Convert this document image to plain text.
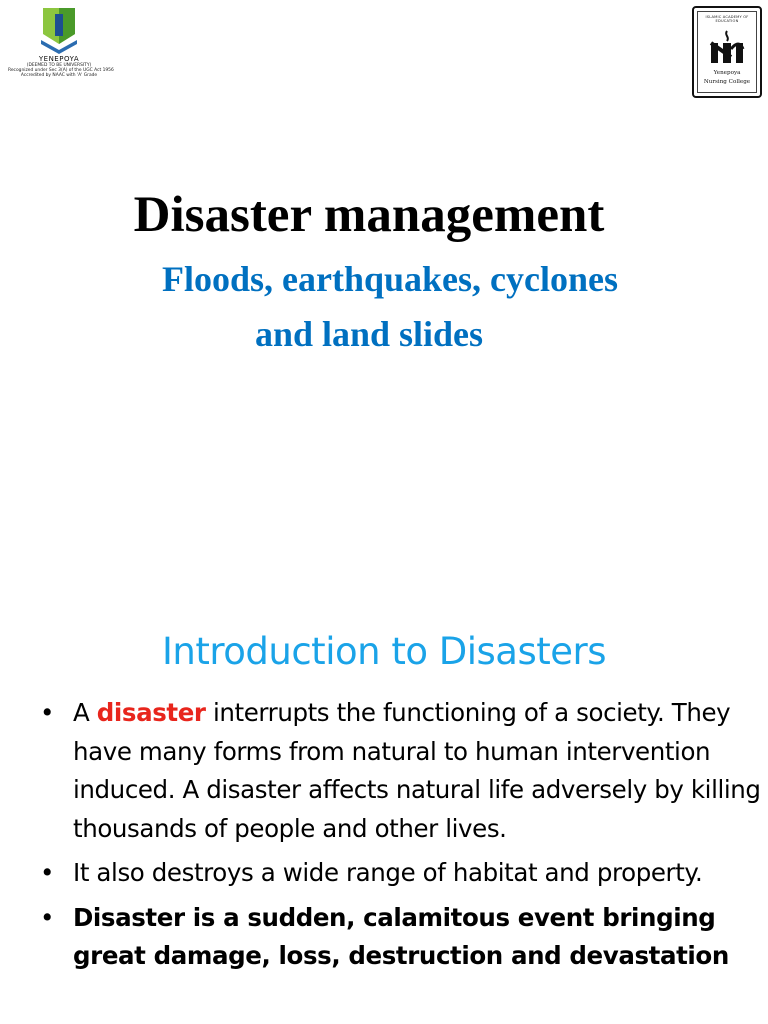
YENEPOYA
(DEEMED TO BE UNIVERSITY)
Recognized under Sec 3(A) of the UGC Act 1956
Accredited by NAAC with 'A' Grade
ISLAMIC ACADEMY OF EDUCATION
Yenepoya
Nursing College
Disaster management
Floods, earthquakes, cyclones
and land slides
Introduction to Disasters
• A disaster interrupts the functioning of a society. They have many forms from natural to human intervention induced. A disaster affects natural life adversely by killing thousands of people and other lives.
• It also destroys a wide range of habitat and property.
• Disaster is a sudden, calamitous event bringing great damage, loss, destruction and devastation
